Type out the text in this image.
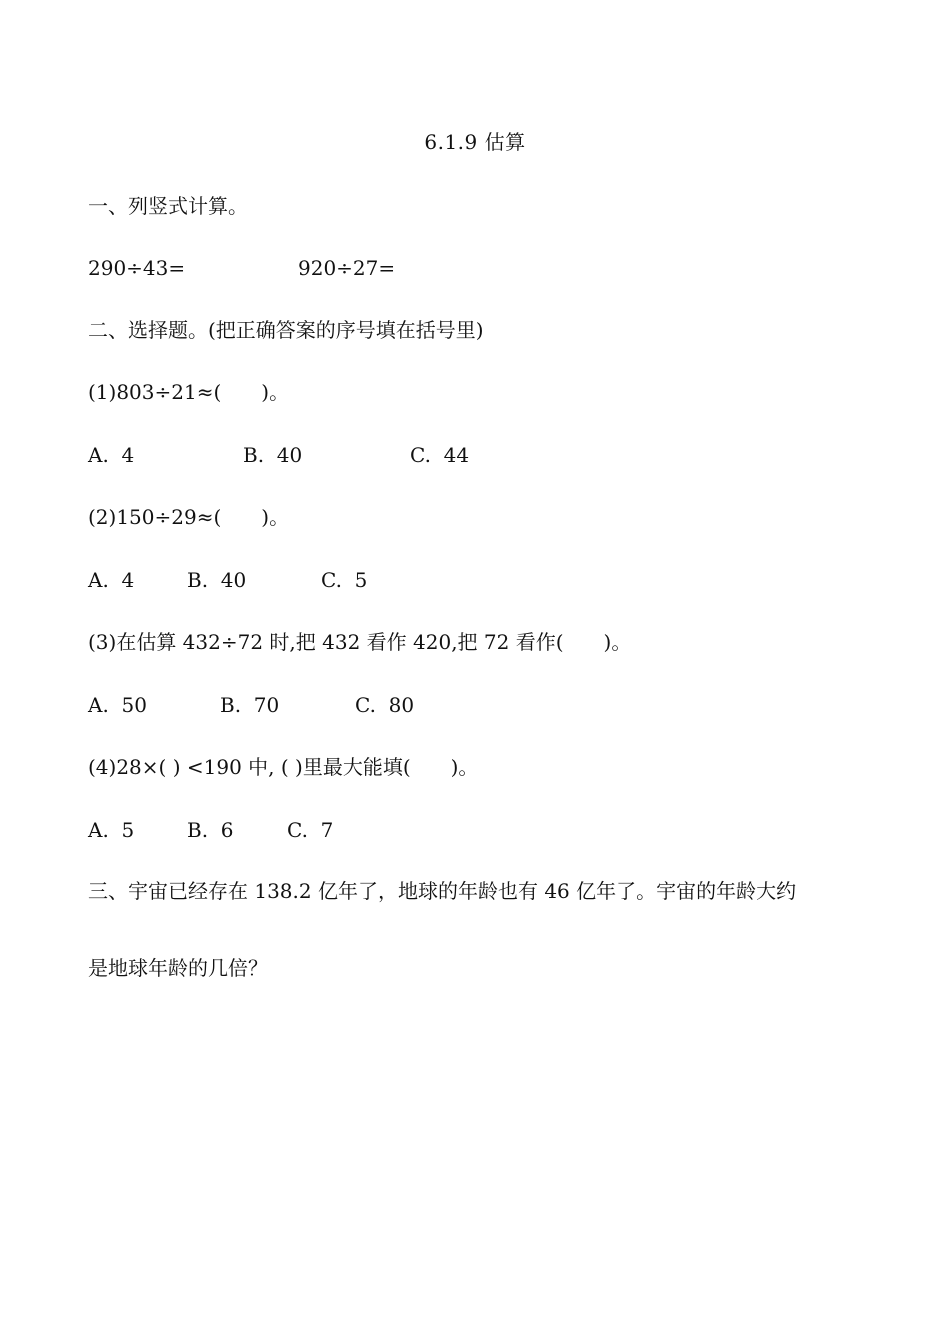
6.1.9 估算
一、列竖式计算。
290÷43=	920÷27=
二、选择题。(把正确答案的序号填在括号里)
(1)803÷21≈(　　)。
A.  4	B.  40	C.  44
(2)150÷29≈(　　)。
A.  4	B.  40	C.  5
(3)在估算 432÷72 时,把 432 看作 420,把 72 看作(　　)。
A.  50	B.  70	C.  80
(4)28×( ) <190 中, ( )里最大能填(　　)。
A.  5	B.  6	C.  7
三、宇宙已经存在 138.2 亿年了，地球的年龄也有 46 亿年了。宇宙的年龄大约
是地球年龄的几倍？
